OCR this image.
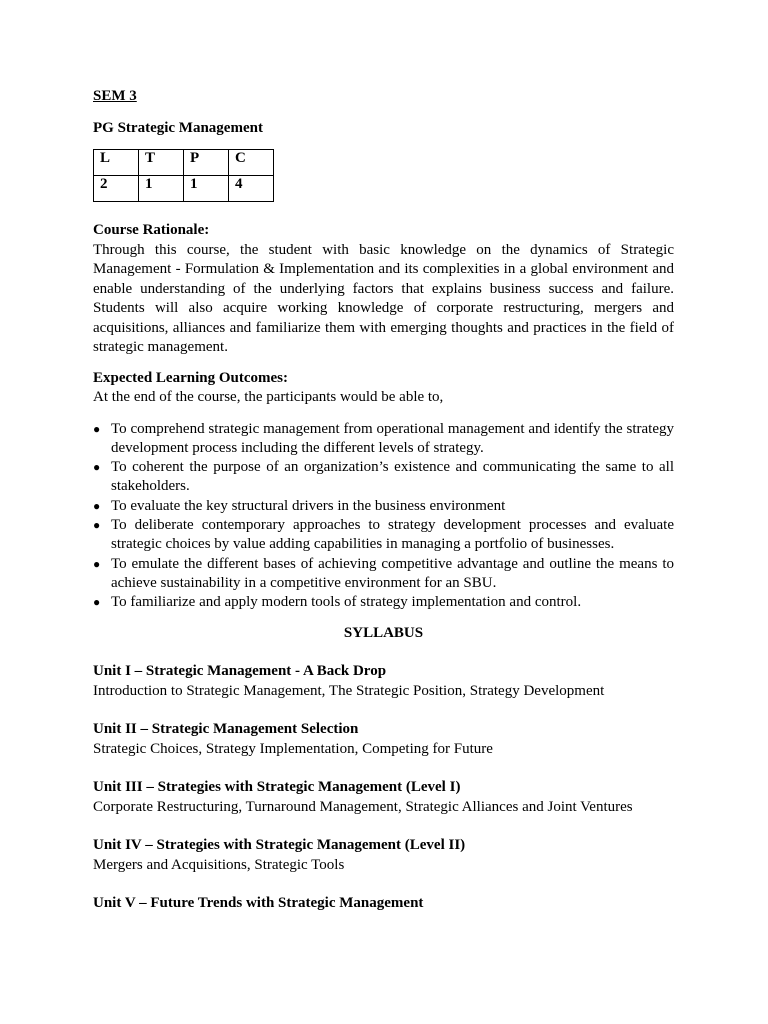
SEM 3
PG Strategic Management
L	T	P	C
2	1	1	4
Course Rationale:

Through this course, the student with basic knowledge on the dynamics of Strategic Management - Formulation & Implementation and its complexities in a global environment and enable understanding of the underlying factors that explains business success and failure. Students will also acquire working knowledge of corporate restructuring, mergers and acquisitions, alliances and familiarize them with emerging thoughts and practices in the field of strategic management.

Expected Learning Outcomes:
At the end of the course, the participants would be able to,
● To comprehend strategic management from operational management and identify the strategy development process including the different levels of strategy.
● To coherent the purpose of an organization’s existence and communicating the same to all stakeholders.
● To evaluate the key structural drivers in the business environment
● To deliberate contemporary approaches to strategy development processes and evaluate strategic choices by value adding capabilities in managing a portfolio of businesses.
● To emulate the different bases of achieving competitive advantage and outline the means to achieve sustainability in a competitive environment for an SBU.
● To familiarize and apply modern tools of strategy implementation and control.
SYLLABUS
Unit I – Strategic Management - A Back Drop
Introduction to Strategic Management, The Strategic Position, Strategy Development
Unit II – Strategic Management Selection
Strategic Choices, Strategy Implementation, Competing for Future
Unit III – Strategies with Strategic Management (Level I)
Corporate Restructuring, Turnaround Management, Strategic Alliances and Joint Ventures
Unit IV – Strategies with Strategic Management (Level II)
Mergers and Acquisitions, Strategic Tools
Unit V – Future Trends with Strategic Management
